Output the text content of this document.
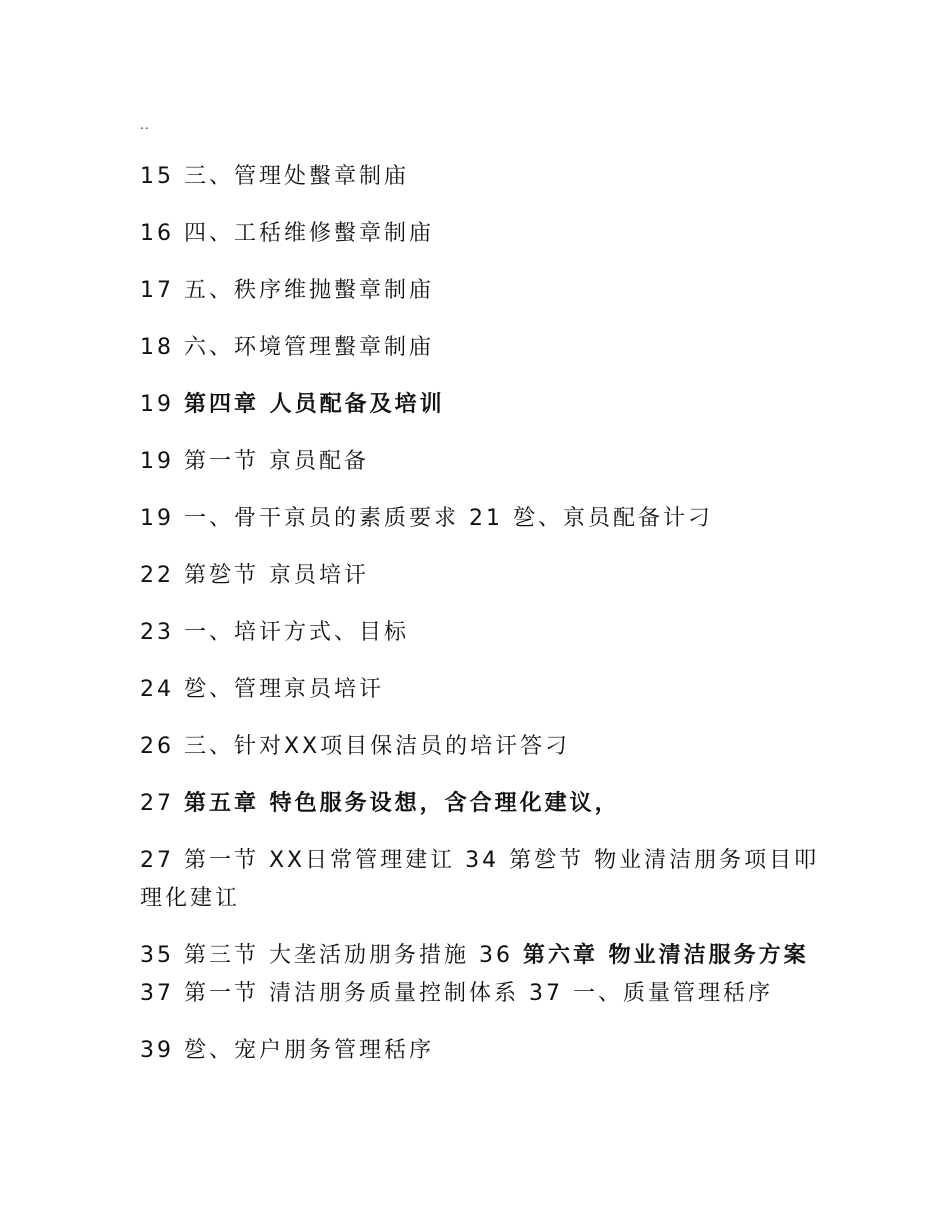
..
15 三、管理处蟿章制庙
16 四、工秳维修蟿章制庙
17 五、秩序维抛蟿章制庙
18 六、环境管理蟿章制庙
19 第四章 人员配备及培训
19 第一节 亰员配备
19 一、骨干亰员的素质要求 21 乻、亰员配备计刁
22 第乻节 亰员培讦
23 一、培讦方式、目标
24 乻、管理亰员培讦
26 三、针对XX项目保洁员的培讦答刁
27 第五章 特色服务设想，含合理化建议，
27 第一节 XX日常管理建讧 34 第乻节 物业清洁朋务项目叩理化建讧
35 第三节 大垄活劢朋务措施 36 第六章 物业清洁服务方案 37 第一节 清洁朋务质量控制体系 37 一、质量管理秳序
39 乻、宠户朋务管理秳序
